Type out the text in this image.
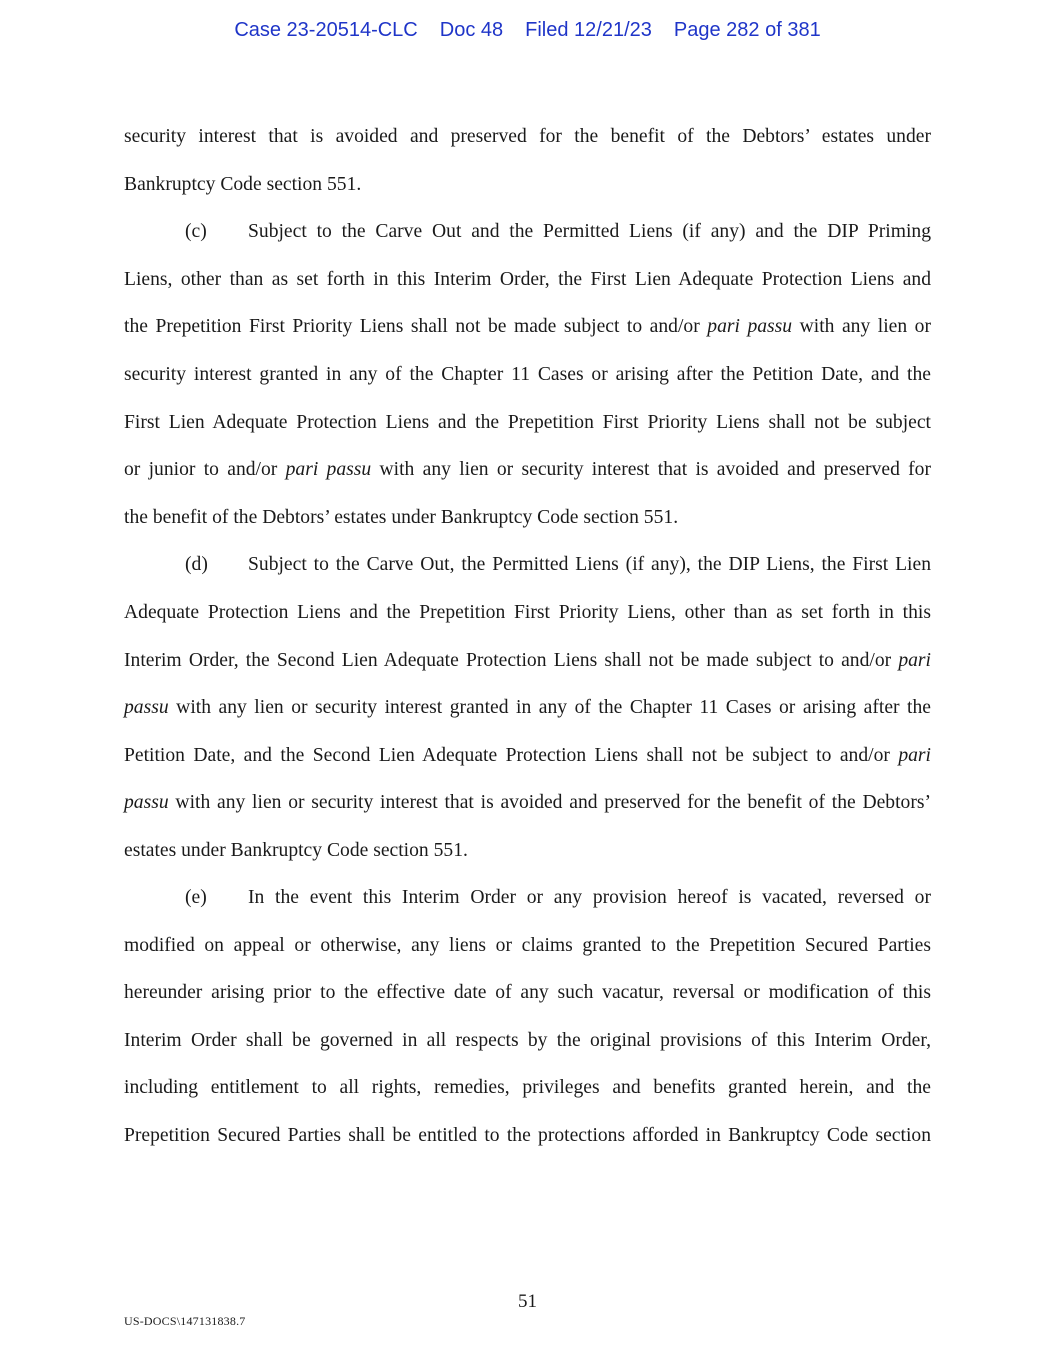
Case 23-20514-CLC Doc 48 Filed 12/21/23 Page 282 of 381
security interest that is avoided and preserved for the benefit of the Debtors’ estates under
Bankruptcy Code section 551.
(c) Subject to the Carve Out and the Permitted Liens (if any) and the DIP Priming
Liens, other than as set forth in this Interim Order, the First Lien Adequate Protection Liens and
the Prepetition First Priority Liens shall not be made subject to and/or pari passu with any lien or
security interest granted in any of the Chapter 11 Cases or arising after the Petition Date, and the
First Lien Adequate Protection Liens and the Prepetition First Priority Liens shall not be subject
or junior to and/or pari passu with any lien or security interest that is avoided and preserved for
the benefit of the Debtors’ estates under Bankruptcy Code section 551.
(d) Subject to the Carve Out, the Permitted Liens (if any), the DIP Liens, the First Lien
Adequate Protection Liens and the Prepetition First Priority Liens, other than as set forth in this
Interim Order, the Second Lien Adequate Protection Liens shall not be made subject to and/or pari
passu with any lien or security interest granted in any of the Chapter 11 Cases or arising after the
Petition Date, and the Second Lien Adequate Protection Liens shall not be subject to and/or pari
passu with any lien or security interest that is avoided and preserved for the benefit of the Debtors’
estates under Bankruptcy Code section 551.
(e) In the event this Interim Order or any provision hereof is vacated, reversed or
modified on appeal or otherwise, any liens or claims granted to the Prepetition Secured Parties
hereunder arising prior to the effective date of any such vacatur, reversal or modification of this
Interim Order shall be governed in all respects by the original provisions of this Interim Order,
including entitlement to all rights, remedies, privileges and benefits granted herein, and the
Prepetition Secured Parties shall be entitled to the protections afforded in Bankruptcy Code section
51
US-DOCS\147131838.7
